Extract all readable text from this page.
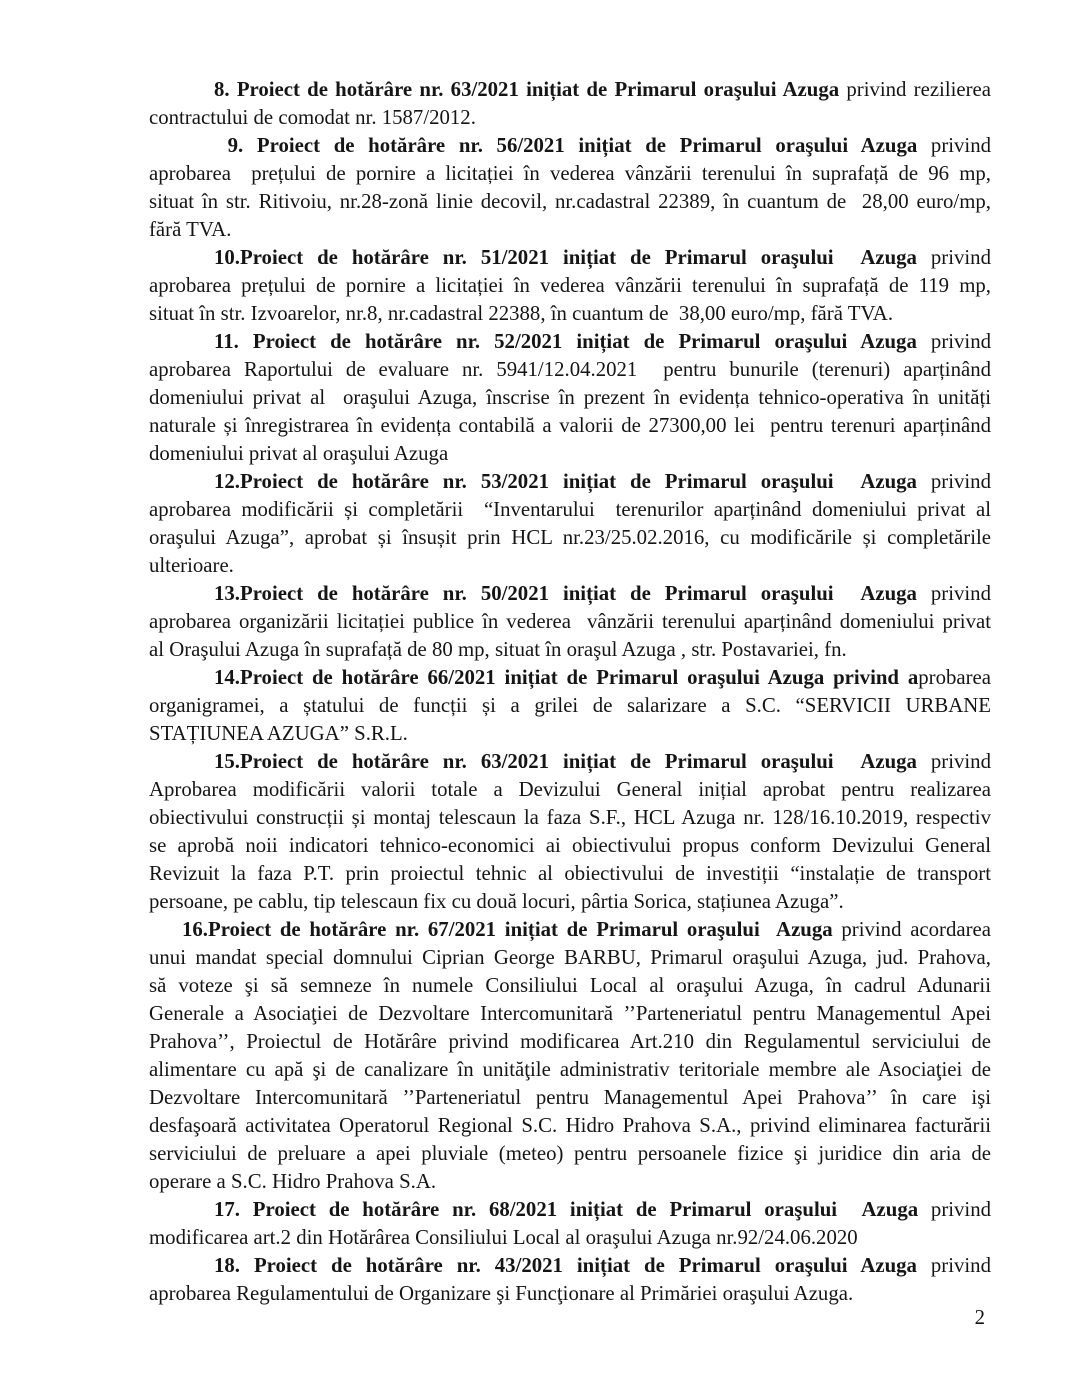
8. Proiect de hotărâre nr. 63/2021 inițiat de Primarul oraşului Azuga privind rezilierea
contractului de comodat nr. 1587/2012.
9. Proiect de hotărâre nr. 56/2021 inițiat de Primarul oraşului Azuga privind
aprobarea  prețului de pornire a licitației în vederea vânzării terenului în suprafață de 96 mp,
situat în str. Ritivoiu, nr.28-zonă linie decovil, nr.cadastral 22389, în cuantum de  28,00 euro/mp,
fără TVA.
10.Proiect de hotărâre nr. 51/2021 inițiat de Primarul oraşului  Azuga privind
aprobarea prețului de pornire a licitației în vederea vânzării terenului în suprafață de 119 mp,
situat în str. Izvoarelor, nr.8, nr.cadastral 22388, în cuantum de  38,00 euro/mp, fără TVA.
11. Proiect de hotărâre nr. 52/2021 inițiat de Primarul oraşului Azuga privind
aprobarea Raportului de evaluare nr. 5941/12.04.2021  pentru bunurile (terenuri) aparținând
domeniului privat al  oraşului Azuga, înscrise în prezent în evidența tehnico-operativa în unități
naturale și înregistrarea în evidența contabilă a valorii de 27300,00 lei  pentru terenuri aparținând
domeniului privat al oraşului Azuga
12.Proiect de hotărâre nr. 53/2021 inițiat de Primarul oraşului  Azuga privind
aprobarea modificării și completării  “Inventarului  terenurilor aparținând domeniului privat al
oraşului Azuga”, aprobat și însușit prin HCL nr.23/25.02.2016, cu modificările și completările
ulterioare.
13.Proiect de hotărâre nr. 50/2021 inițiat de Primarul oraşului  Azuga privind
aprobarea organizării licitației publice în vederea  vânzării terenului aparținând domeniului privat
al Oraşului Azuga în suprafață de 80 mp, situat în oraşul Azuga , str. Postavariei, fn.
14.Proiect de hotărâre 66/2021 inițiat de Primarul oraşului Azuga privind aprobarea
organigramei, a ștatului de funcții și a grilei de salarizare a S.C. “SERVICII URBANE
STAȚIUNEA AZUGA” S.R.L.
15.Proiect de hotărâre nr. 63/2021 inițiat de Primarul oraşului  Azuga privind
Aprobarea modificării valorii totale a Devizului General inițial aprobat pentru realizarea
obiectivului construcții și montaj telescaun la faza S.F., HCL Azuga nr. 128/16.10.2019, respectiv
se aprobă noii indicatori tehnico-economici ai obiectivului propus conform Devizului General
Revizuit la faza P.T. prin proiectul tehnic al obiectivului de investiții “instalație de transport
persoane, pe cablu, tip telescaun fix cu două locuri, pârtia Sorica, stațiunea Azuga”.
16.Proiect de hotărâre nr. 67/2021 inițiat de Primarul oraşului  Azuga privind acordarea
unui mandat special domnului Ciprian George BARBU, Primarul oraşului Azuga, jud. Prahova,
să voteze şi să semneze în numele Consiliului Local al oraşului Azuga, în cadrul Adunarii
Generale a Asociaţiei de Dezvoltare Intercomunitară ’’Parteneriatul pentru Managementul Apei
Prahova’’, Proiectul de Hotărâre privind modificarea Art.210 din Regulamentul serviciului de
alimentare cu apă şi de canalizare în unităţile administrativ teritoriale membre ale Asociaţiei de
Dezvoltare Intercomunitară ’’Parteneriatul pentru Managementul Apei Prahova’’ în care işi
desfaşoară activitatea Operatorul Regional S.C. Hidro Prahova S.A., privind eliminarea facturării
serviciului de preluare a apei pluviale (meteo) pentru persoanele fizice şi juridice din aria de
operare a S.C. Hidro Prahova S.A.
17. Proiect de hotărâre nr. 68/2021 inițiat de Primarul oraşului  Azuga privind
modificarea art.2 din Hotărârea Consiliului Local al oraşului Azuga nr.92/24.06.2020
18. Proiect de hotărâre nr. 43/2021 inițiat de Primarul oraşului Azuga privind
aprobarea Regulamentului de Organizare şi Funcţionare al Primăriei oraşului Azuga.
2
